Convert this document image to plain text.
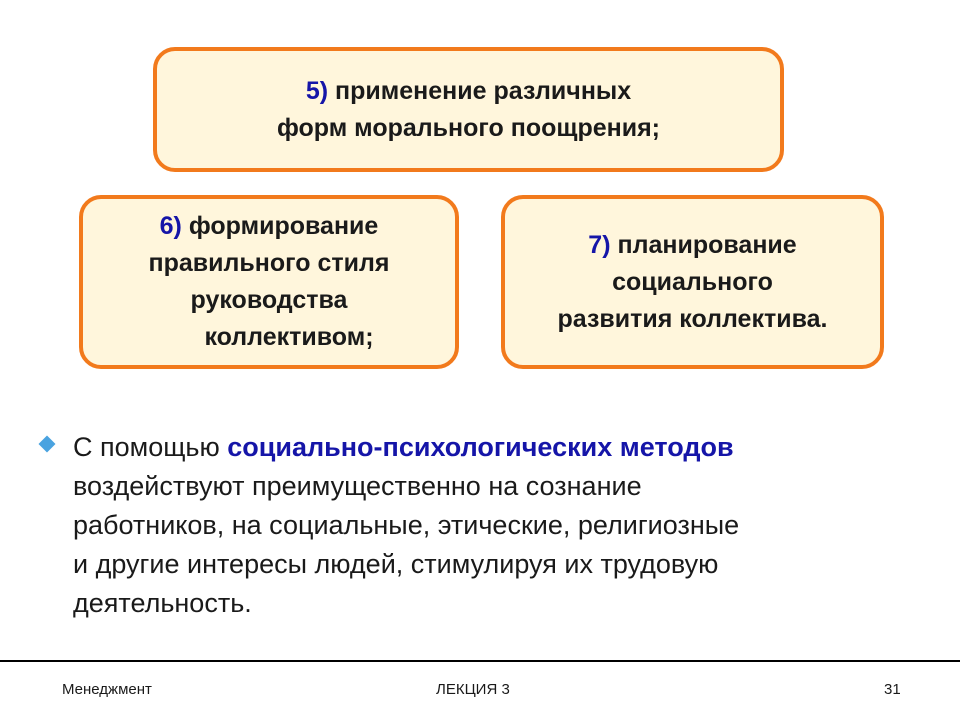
5) применение различных
форм морального поощрения;
6) формирование
правильного стиля
руководства
коллективом;
7) планирование
социального
развития коллектива.
С помощью социально-психологических методов
воздействуют преимущественно на сознание
работников, на социальные, этические, религиозные
и другие интересы людей, стимулируя их трудовую
деятельность.
Менеджмент	ЛЕКЦИЯ 3	31
